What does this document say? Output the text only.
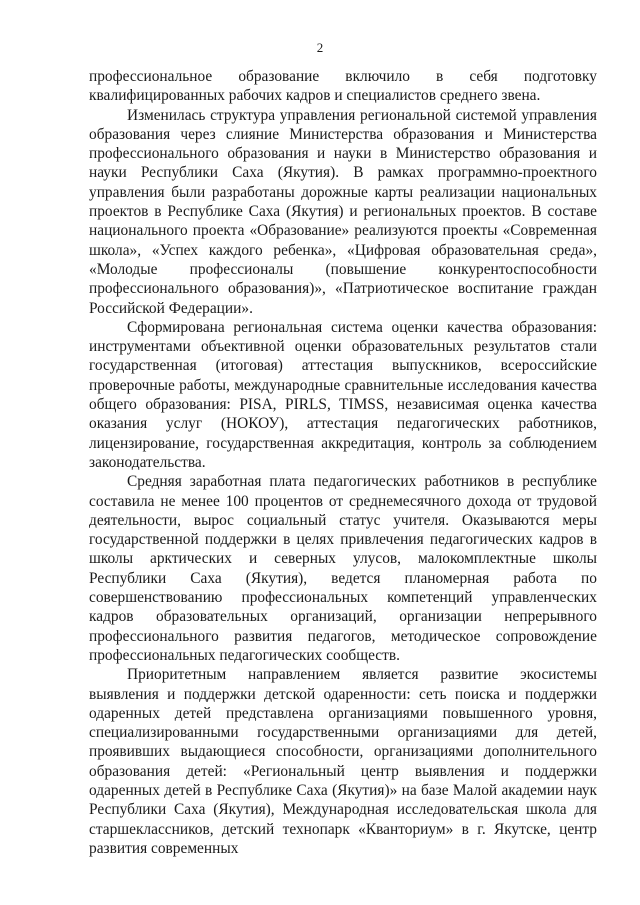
2

профессиональное образование включило в себя подготовку квалифицированных рабочих кадров и специалистов среднего звена.

Изменилась структура управления региональной системой управления образования через слияние Министерства образования и Министерства профессионального образования и науки в Министерство образования и науки Республики Саха (Якутия). В рамках программно-проектного управления были разработаны дорожные карты реализации национальных проектов в Республике Саха (Якутия) и региональных проектов. В составе национального проекта «Образование» реализуются проекты «Современная школа», «Успех каждого ребенка», «Цифровая образовательная среда», «Молодые профессионалы (повышение конкурентоспособности профессионального образования)», «Патриотическое воспитание граждан Российской Федерации».

Сформирована региональная система оценки качества образования: инструментами объективной оценки образовательных результатов стали государственная (итоговая) аттестация выпускников, всероссийские проверочные работы, международные сравнительные исследования качества общего образования: PISA, PIRLS, TIMSS, независимая оценка качества оказания услуг (НОКОУ), аттестация педагогических работников, лицензирование, государственная аккредитация, контроль за соблюдением законодательства.

Средняя заработная плата педагогических работников в республике составила не менее 100 процентов от среднемесячного дохода от трудовой деятельности, вырос социальный статус учителя. Оказываются меры государственной поддержки в целях привлечения педагогических кадров в школы арктических и северных улусов, малокомплектные школы Республики Саха (Якутия), ведется планомерная работа по совершенствованию профессиональных компетенций управленческих кадров образовательных организаций, организации непрерывного профессионального развития педагогов, методическое сопровождение профессиональных педагогических сообществ.

Приоритетным направлением является развитие экосистемы выявления и поддержки детской одаренности: сеть поиска и поддержки одаренных детей представлена организациями повышенного уровня, специализированными государственными организациями для детей, проявивших выдающиеся способности, организациями дополнительного образования детей: «Региональный центр выявления и поддержки одаренных детей в Республике Саха (Якутия)» на базе Малой академии наук Республики Саха (Якутия), Международная исследовательская школа для старшеклассников, детский технопарк «Кванториум» в г. Якутске, центр развития современных
